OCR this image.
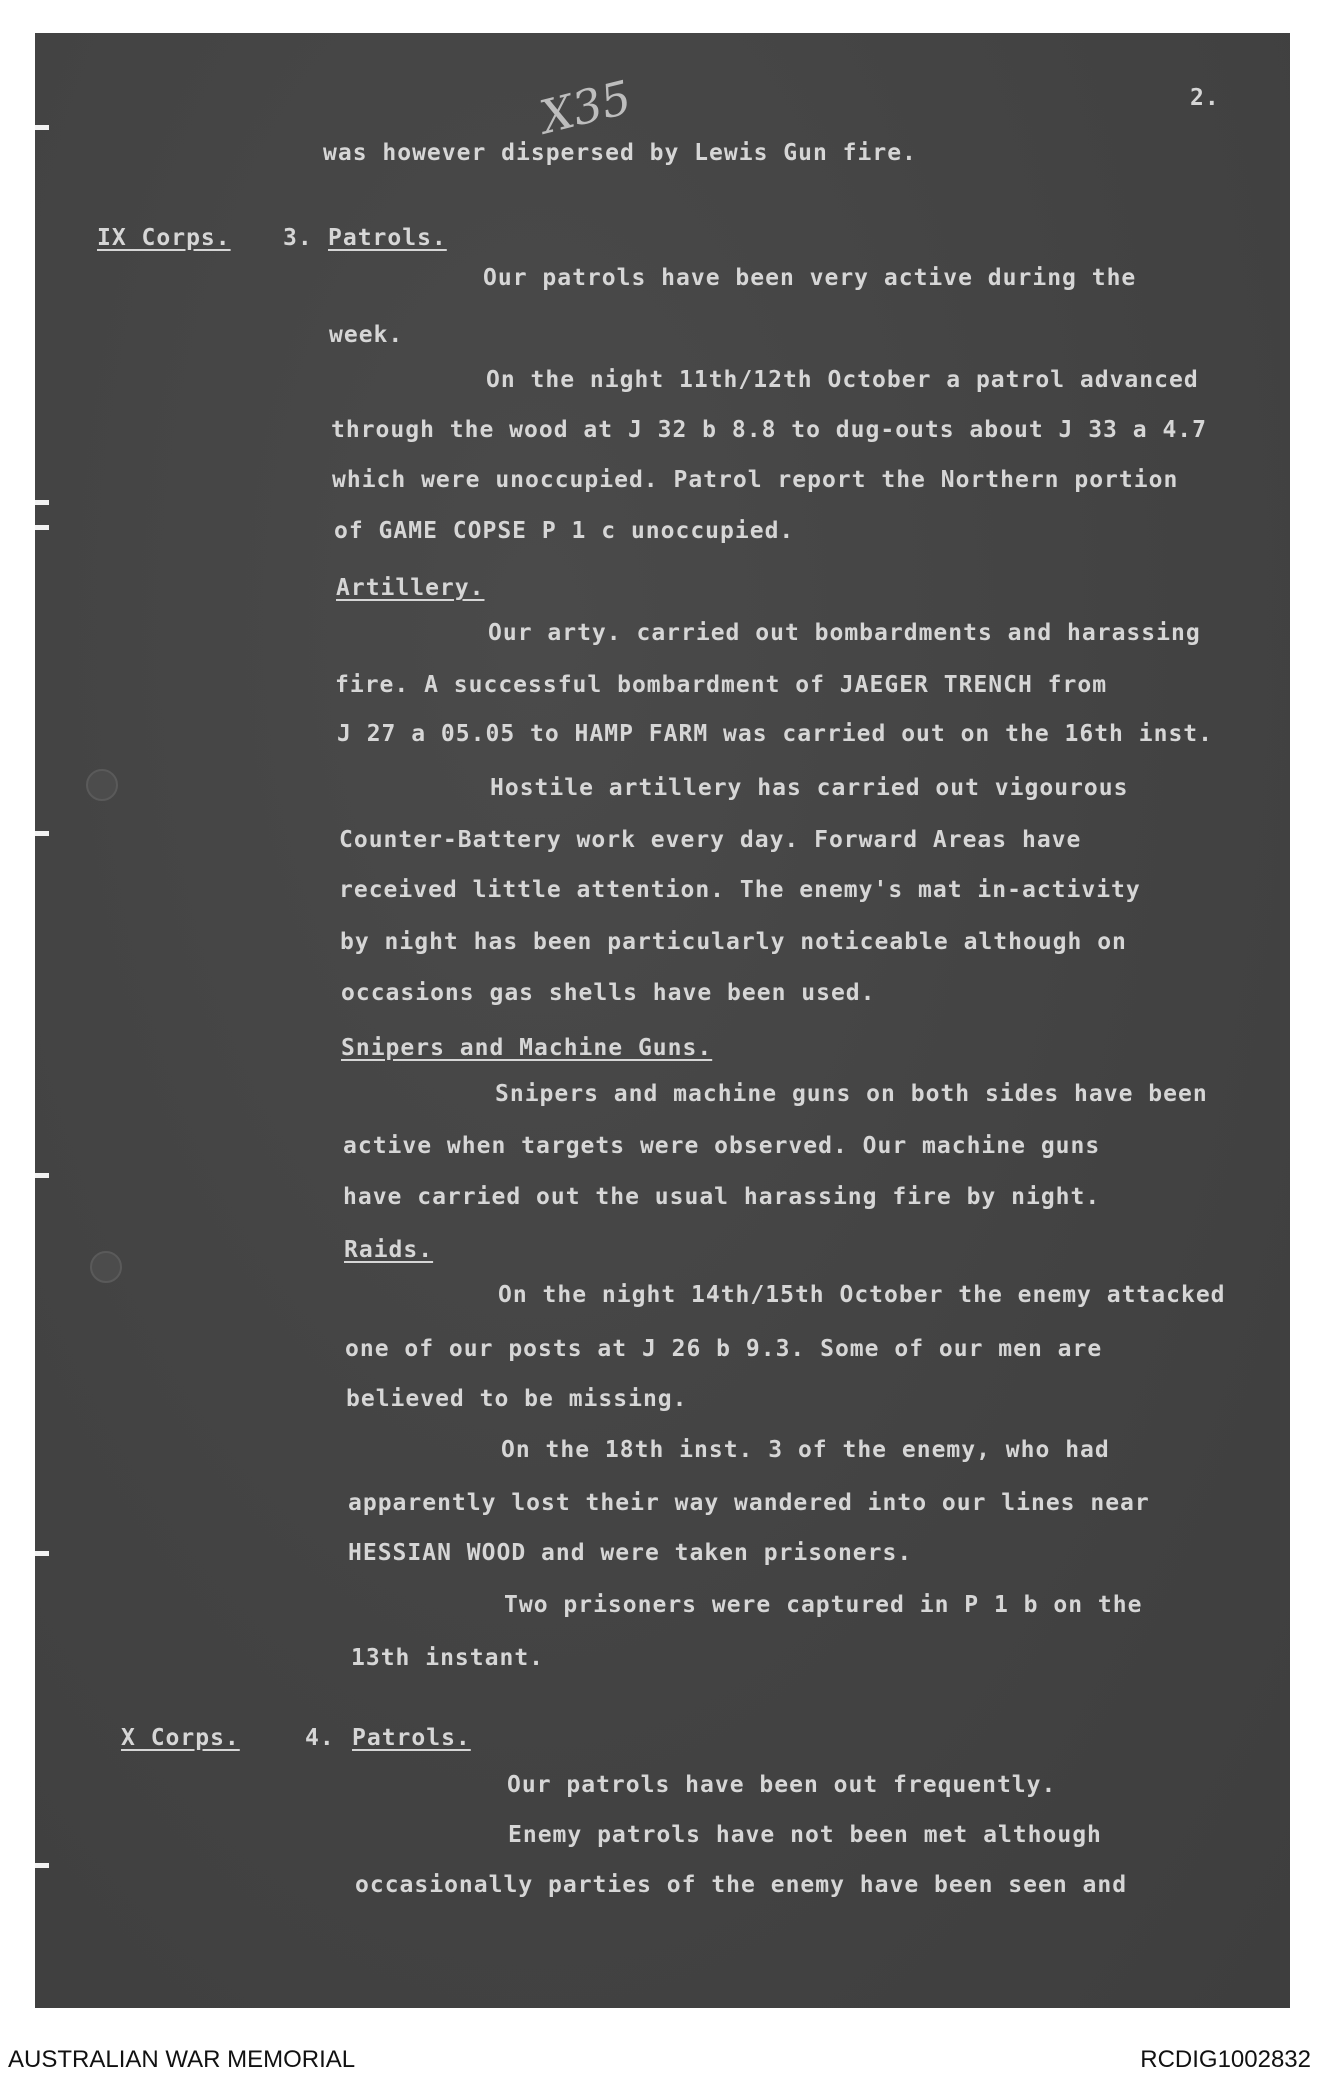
X35	2.
was however dispersed by Lewis Gun fire.
IX Corps. 3. Patrols.
Our patrols have been very active during the
week.
On the night 11th/12th October a patrol advanced
through the wood at J 32 b 8.8 to dug-outs about J 33 a 4.7
which were unoccupied. Patrol report the Northern portion
of GAME COPSE P 1 c unoccupied.
Artillery.
Our arty. carried out bombardments and harassing
fire. A successful bombardment of JAEGER TRENCH from
J 27 a 05.05 to HAMP FARM was carried out on the 16th inst.
Hostile artillery has carried out vigourous
Counter-Battery work every day. Forward Areas have
received little attention. The enemy's mat in-activity
by night has been particularly noticeable although on
occasions gas shells have been used.
Snipers and Machine Guns.
Snipers and machine guns on both sides have been
active when targets were observed. Our machine guns
have carried out the usual harassing fire by night.
Raids.
On the night 14th/15th October the enemy attacked
one of our posts at J 26 b 9.3. Some of our men are
believed to be missing.
On the 18th inst. 3 of the enemy, who had
apparently lost their way wandered into our lines near
HESSIAN WOOD and were taken prisoners.
Two prisoners were captured in P 1 b on the
13th instant.
X Corps.	4. Patrols.
Our patrols have been out frequently.
Enemy patrols have not been met although
occasionally parties of the enemy have been seen and
AUSTRALIAN WAR MEMORIAL	RCDIG1002832
